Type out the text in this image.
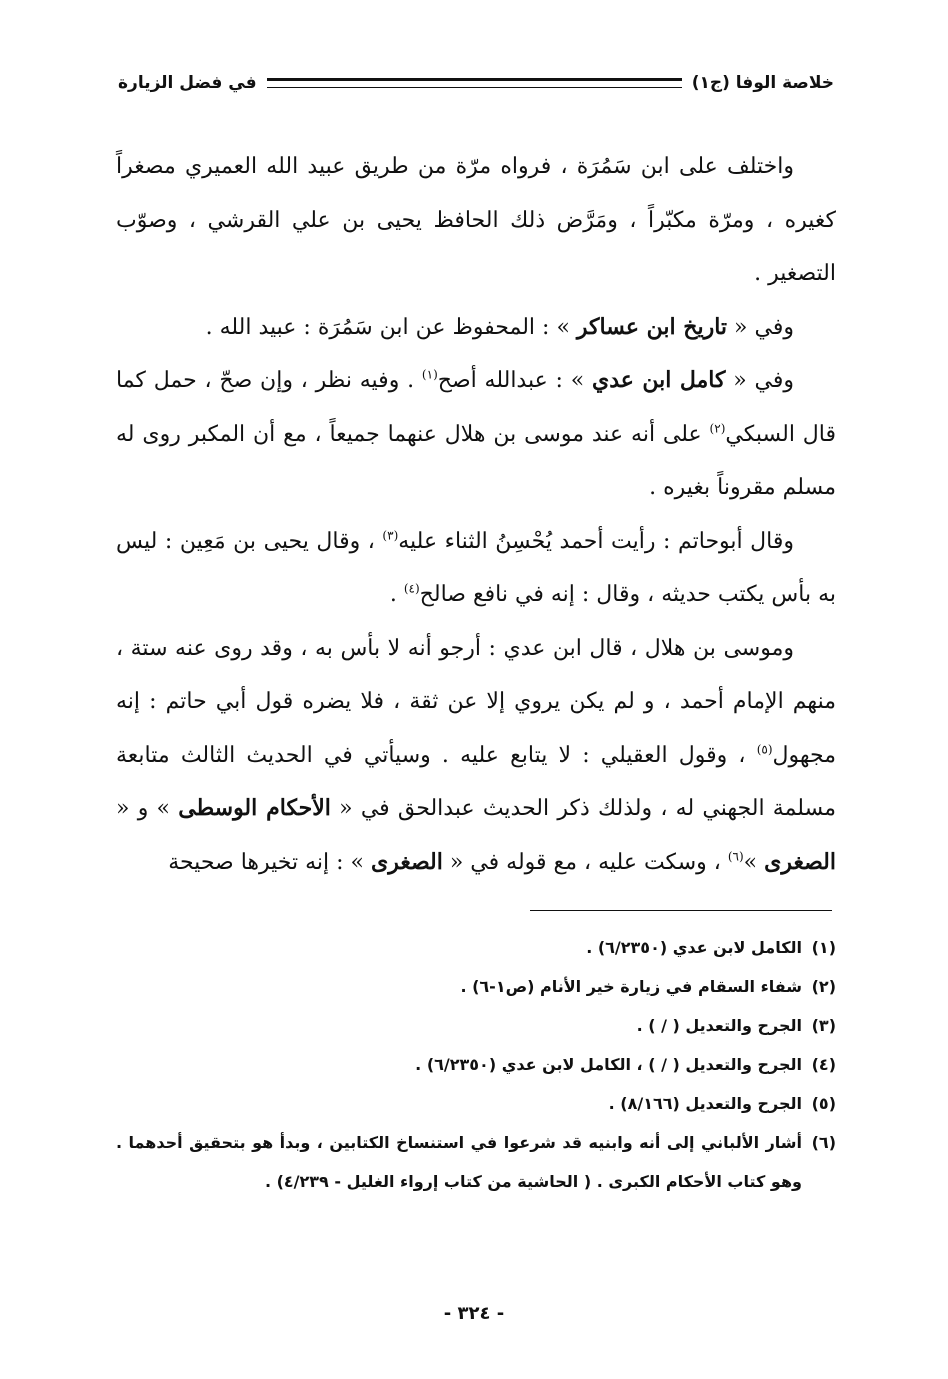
خلاصة الوفا (ج١)
في فضل الزيارة

واختلف على ابن سَمُرَة ، فرواه مرّة من طريق عبيد الله العميري مصغراً كغيره ، ومرّة مكبّراً ، ومَرَّض ذلك الحافظ يحيى بن علي القرشي ، وصوّب التصغير .

وفي « تاريخ ابن عساكر » : المحفوظ عن ابن سَمُرَة : عبيد الله .

وفي « كامل ابن عدي » : عبدالله أصح$^{(١)}$ . وفيه نظر ، وإن صحّ ، حمل كما قال السبكي$^{(٢)}$ على أنه عند موسى بن هلال عنهما جميعاً ، مع أن المكبر روى له مسلم مقروناً بغيره .

وقال أبوحاتم : رأيت أحمد يُحْسِنُ الثناء عليه$^{(٣)}$ ، وقال يحيى بن مَعِين : ليس به بأس يكتب حديثه ، وقال : إنه في نافع صالح$^{(٤)}$ .

وموسى بن هلال ، قال ابن عدي : أرجو أنه لا بأس به ، وقد روى عنه ستة ، منهم الإمام أحمد ، و لم يكن يروي إلا عن ثقة ، فلا يضره قول أبي حاتم : إنه مجهول$^{(٥)}$ ، وقول العقيلي : لا يتابع عليه . وسيأتي في الحديث الثالث متابعة مسلمة الجهني له ، ولذلك ذكر الحديث عبدالحق في « الأحكام الوسطى » و « الصغرى »$^{(٦)}$ ، وسكت عليه ، مع قوله في « الصغرى » : إنه تخيرها صحيحة

(١)
الكامل لابن عدي (٦/٢٣٥٠) .
(٢)
شفاء السقام في زيارة خير الأنام (ص١-٦) .
(٣)
الجرح والتعديل ( / ) .
(٤)
الجرح والتعديل ( / ) ، الكامل لابن عدي (٦/٢٣٥٠) .
(٥)
الجرح والتعديل (٨/١٦٦) .
(٦)
أشار الألباني إلى أنه وابنيه قد شرعوا في استنساخ الكتابين ، وبدأ هو بتحقيق أحدهما . وهو كتاب الأحكام الكبرى . ( الحاشية من كتاب إرواء الغليل - ٤/٢٣٩) .
- ٣٢٤ -
